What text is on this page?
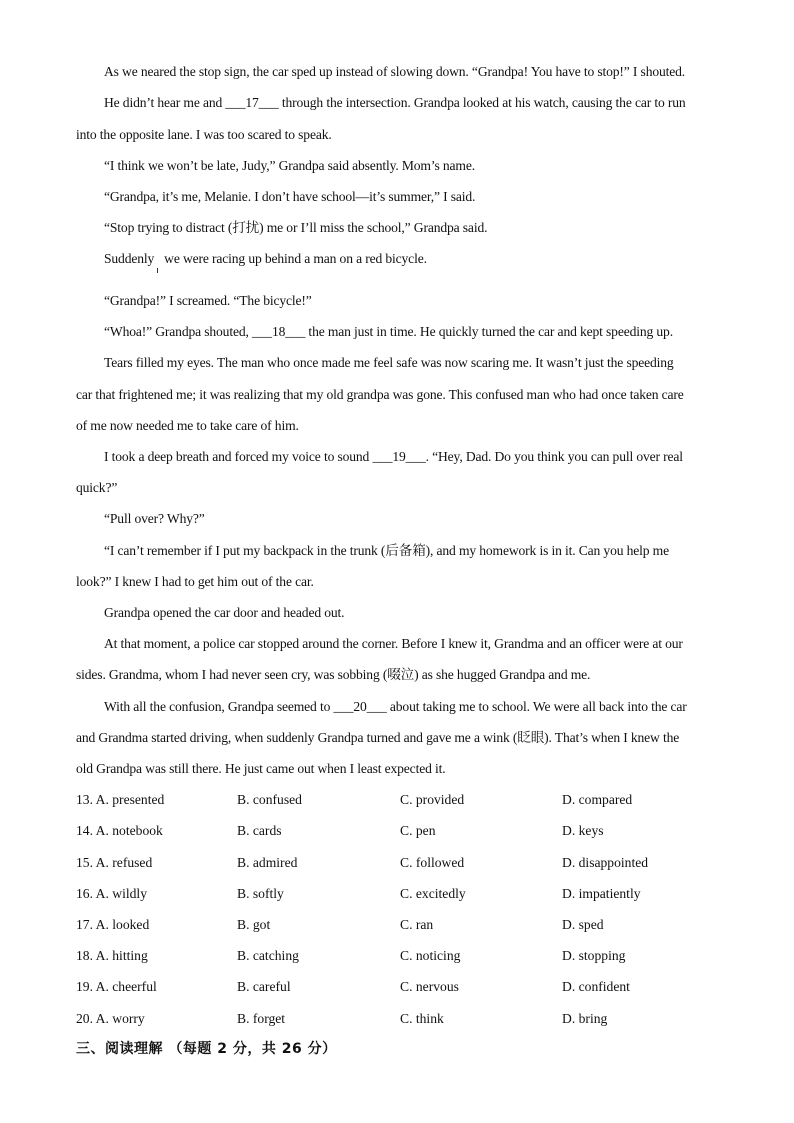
As we neared the stop sign, the car sped up instead of slowing down. “Grandpa! You have to stop!” I shouted.
He didn’t hear me and ___17___ through the intersection. Grandpa looked at his watch, causing the car to run
into the opposite lane. I was too scared to speak.
“I think we won’t be late, Judy,” Grandpa said absently. Mom’s name.
“Grandpa, it’s me, Melanie. I don’t have school—it’s summer,” I said.
“Stop trying to distract (打扰) me or I’ll miss the school,” Grandpa said.
Suddenly we were racing up behind a man on a red bicycle.
“Grandpa!” I screamed. “The bicycle!”
“Whoa!” Grandpa shouted, ___18___ the man just in time. He quickly turned the car and kept speeding up.
Tears filled my eyes. The man who once made me feel safe was now scaring me. It wasn’t just the speeding
car that frightened me; it was realizing that my old grandpa was gone. This confused man who had once taken care
of me now needed me to take care of him.
I took a deep breath and forced my voice to sound ___19___. “Hey, Dad. Do you think you can pull over real
quick?”
“Pull over? Why?”
“I can’t remember if I put my backpack in the trunk (后备箱), and my homework is in it. Can you help me
look?” I knew I had to get him out of the car.
Grandpa opened the car door and headed out.
At that moment, a police car stopped around the corner. Before I knew it, Grandma and an officer were at our
sides. Grandma, whom I had never seen cry, was sobbing (啜泣) as she hugged Grandpa and me.
With all the confusion, Grandpa seemed to ___20___ about taking me to school. We were all back into the car
and Grandma started driving, when suddenly Grandpa turned and gave me a wink (眨眼). That’s when I knew the
old Grandpa was still there. He just came out when I least expected it.
13. A. presented	B. confused	C. provided	D. compared
14. A. notebook	B. cards	C. pen	D. keys
15. A. refused	B. admired	C. followed	D. disappointed
16. A. wildly	B. softly	C. excitedly	D. impatiently
17. A. looked	B. got	C. ran	D. sped
18. A. hitting	B. catching	C. noticing	D. stopping
19. A. cheerful	B. careful	C. nervous	D. confident
20. A. worry	B. forget	C. think	D. bring
三、阅读理解 （每题 2 分，共 26 分）
